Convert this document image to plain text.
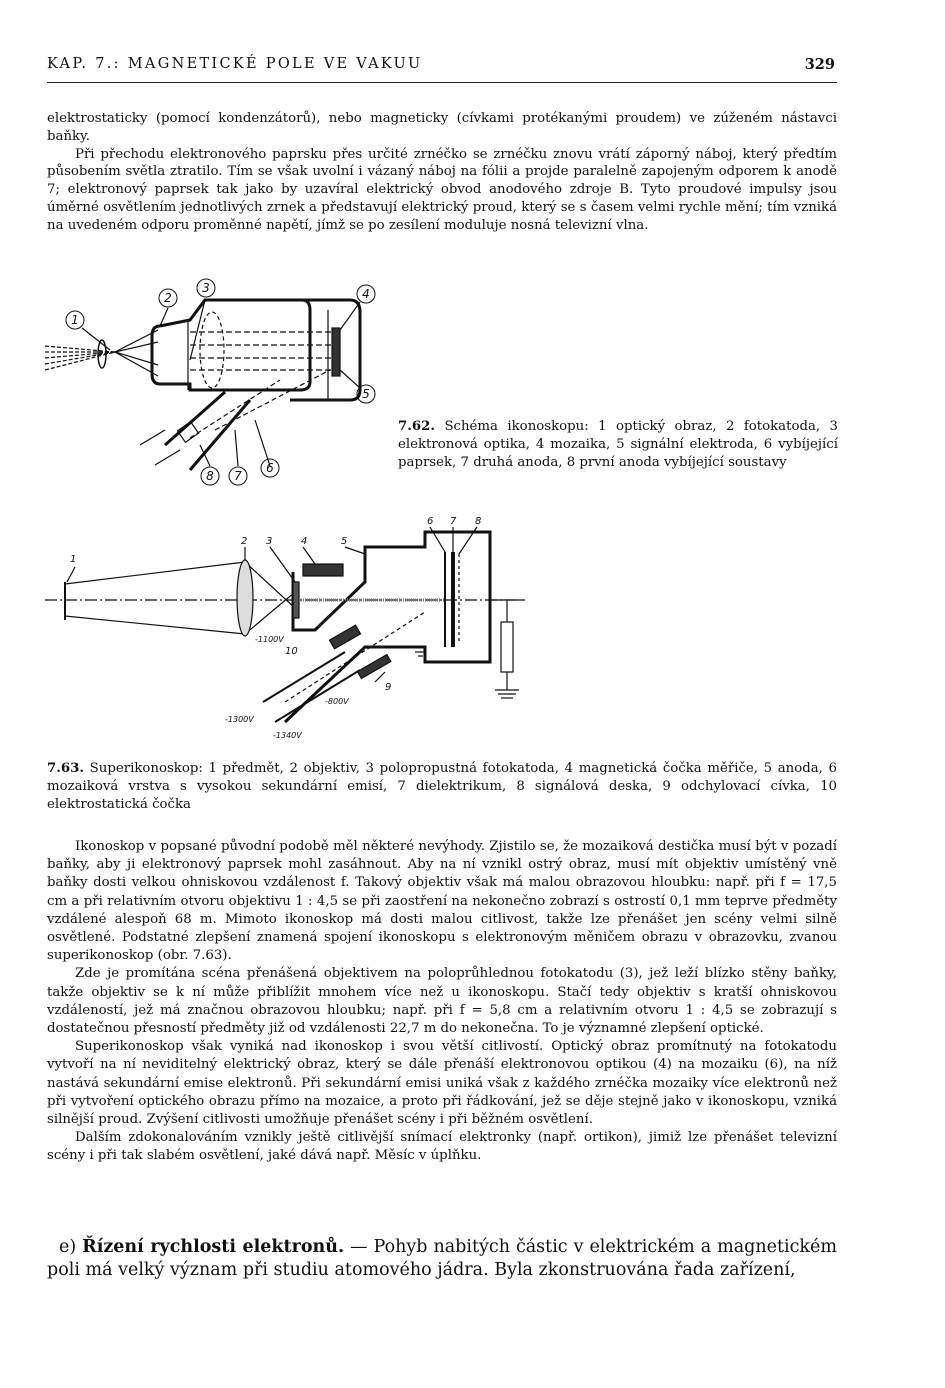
KAP. 7.: MAGNETICKÉ POLE VE VAKUU	329

elektrostaticky (pomocí kondenzátorů), nebo magneticky (cívkami protékanými proudem) ve zúženém nástavci baňky.

Při přechodu elektronového paprsku přes určité zrnéčko se zrnéčku znovu vrátí záporný náboj, který předtím působením světla ztratilo. Tím se však uvolní i vázaný náboj na fólii a projde paralelně zapojeným odporem k anodě 7; elektronový paprsek tak jako by uzavíral elektrický obvod anodového zdroje B. Tyto proudové impulsy jsou úměrné osvětlením jednotlivých zrnek a představují elektrický proud, který se s časem velmi rychle mění; tím vzniká na uvedeném odporu proměnné napětí, jímž se po zesílení moduluje nosná televizní vlna.

1
2
3	4
5
6
7
8
7.62. Schéma ikonoskopu: 1 optický obraz, 2 fotokatoda, 3 elektronová optika, 4 mozaika, 5 signální elektroda, 6 vybíjející paprsek, 7 druhá anoda, 8 první anoda vybíjející soustavy
1
2 3	4	5
6 7 8
9
10
-1100V
-800V
-1300V
-1340V
7.63. Superikonoskop: 1 předmět, 2 objektiv, 3 polopropustná fotokatoda, 4 magnetická čočka měřiče, 5 anoda, 6 mozaiková vrstva s vysokou sekundární emisí, 7 dielektrikum, 8 signálová deska, 9 odchylovací cívka, 10 elektrostatická čočka

Ikonoskop v popsané původní podobě měl některé nevýhody. Zjistilo se, že mozaiková destička musí být v pozadí baňky, aby ji elektronový paprsek mohl zasáhnout. Aby na ní vznikl ostrý obraz, musí mít objektiv umístěný vně baňky dosti velkou ohniskovou vzdálenost f. Takový objektiv však má malou obrazovou hloubku: např. při f = 17,5 cm a při relativním otvoru objektivu 1 : 4,5 se při zaostření na nekonečno zobrazí s ostrostí 0,1 mm teprve předměty vzdálené alespoň 68 m. Mimoto ikonoskop má dosti malou citlivost, takže lze přenášet jen scény velmi silně osvětlené. Podstatné zlepšení znamená spojení ikonoskopu s elektronovým měničem obrazu v obrazovku, zvanou superikonoskop (obr. 7.63).

Zde je promítána scéna přenášená objektivem na poloprůhlednou fotokatodu (3), jež leží blízko stěny baňky, takže objektiv se k ní může přiblížit mnohem více než u ikonoskopu. Stačí tedy objektiv s kratší ohniskovou vzdáleností, jež má značnou obrazovou hloubku; např. při f = 5,8 cm a relativním otvoru 1 : 4,5 se zobrazují s dostatečnou přesností předměty již od vzdálenosti 22,7 m do nekonečna. To je významné zlepšení optické.

Superikonoskop však vyniká nad ikonoskop i svou větší citlivostí. Optický obraz promítnutý na fotokatodu vytvoří na ní neviditelný elektrický obraz, který se dále přenáší elektronovou optikou (4) na mozaiku (6), na níž nastává sekundární emise elektronů. Při sekundární emisi uniká však z každého zrnéčka mozaiky více elektronů než při vytvoření optického obrazu přímo na mozaice, a proto při řádkování, jež se děje stejně jako v ikonoskopu, vzniká silnější proud. Zvýšení citlivosti umožňuje přenášet scény i při běžném osvětlení.

Dalším zdokonalováním vznikly ještě citlivější snímací elektronky (např. ortikon), jimiž lze přenášet televizní scény i při tak slabém osvětlení, jaké dává např. Měsíc v úplňku.

e) Řízení rychlosti elektronů. — Pohyb nabitých částic v elektrickém a magnetickém poli má velký význam při studiu atomového jádra. Byla zkonstruována řada zařízení,
